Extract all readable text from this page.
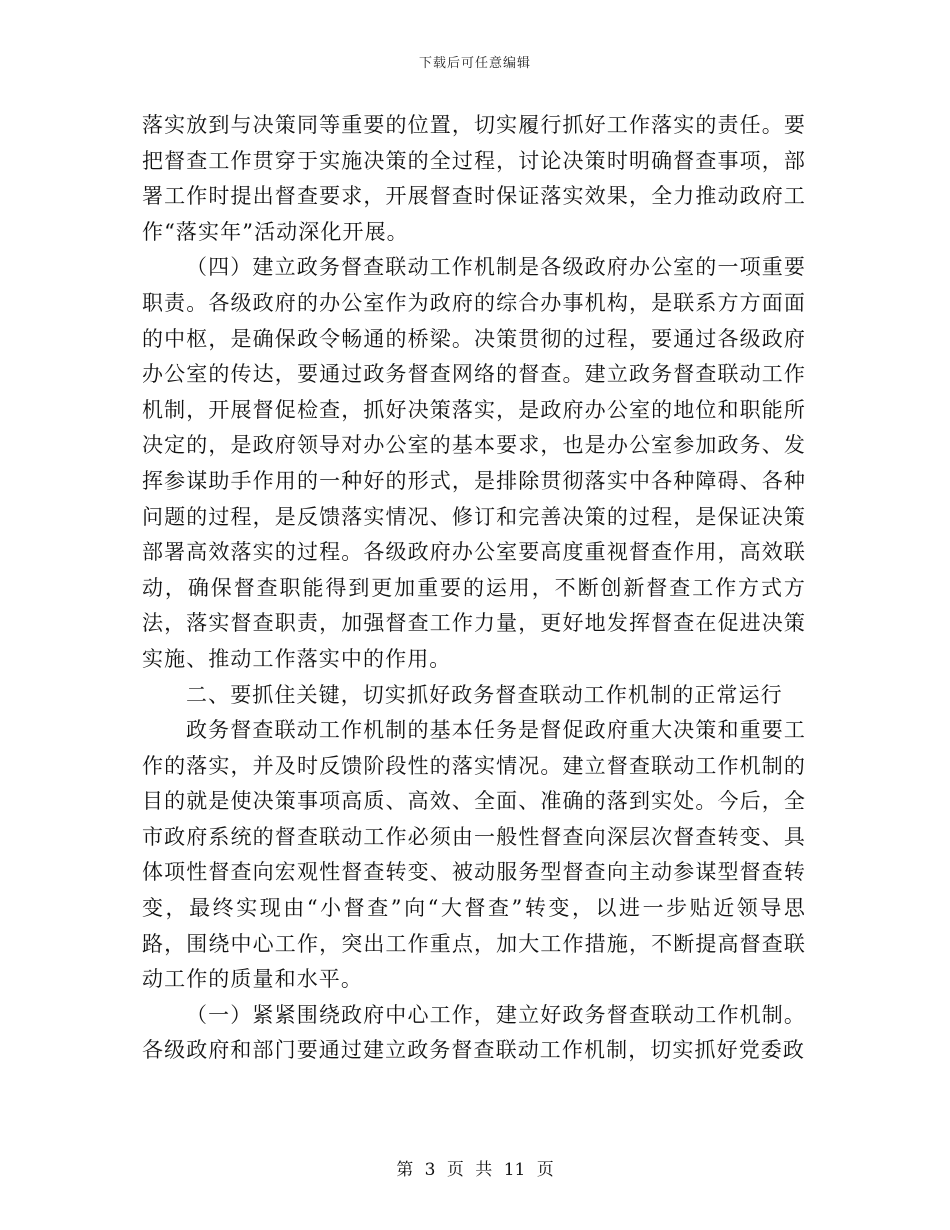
下载后可任意编辑

落实放到与决策同等重要的位置，切实履行抓好工作落实的责任。要把督查工作贯穿于实施决策的全过程，讨论决策时明确督查事项，部署工作时提出督查要求，开展督查时保证落实效果，全力推动政府工作“落实年”活动深化开展。

（四）建立政务督查联动工作机制是各级政府办公室的一项重要职责。各级政府的办公室作为政府的综合办事机构，是联系方方面面的中枢，是确保政令畅通的桥梁。决策贯彻的过程，要通过各级政府办公室的传达，要通过政务督查网络的督查。建立政务督查联动工作机制，开展督促检查，抓好决策落实，是政府办公室的地位和职能所决定的，是政府领导对办公室的基本要求，也是办公室参加政务、发挥参谋助手作用的一种好的形式，是排除贯彻落实中各种障碍、各种问题的过程，是反馈落实情况、修订和完善决策的过程，是保证决策部署高效落实的过程。各级政府办公室要高度重视督查作用，高效联动，确保督查职能得到更加重要的运用，不断创新督查工作方式方法，落实督查职责，加强督查工作力量，更好地发挥督查在促进决策实施、推动工作落实中的作用。

二、要抓住关键，切实抓好政务督查联动工作机制的正常运行

政务督查联动工作机制的基本任务是督促政府重大决策和重要工作的落实，并及时反馈阶段性的落实情况。建立督查联动工作机制的目的就是使决策事项高质、高效、全面、准确的落到实处。今后，全市政府系统的督查联动工作必须由一般性督查向深层次督查转变、具体项性督查向宏观性督查转变、被动服务型督查向主动参谋型督查转变，最终实现由“小督查”向“大督查”转变，以进一步贴近领导思路，围绕中心工作，突出工作重点，加大工作措施，不断提高督查联动工作的质量和水平。

（一）紧紧围绕政府中心工作，建立好政务督查联动工作机制。各级政府和部门要通过建立政务督查联动工作机制，切实抓好党委政

第 3 页 共 11 页
